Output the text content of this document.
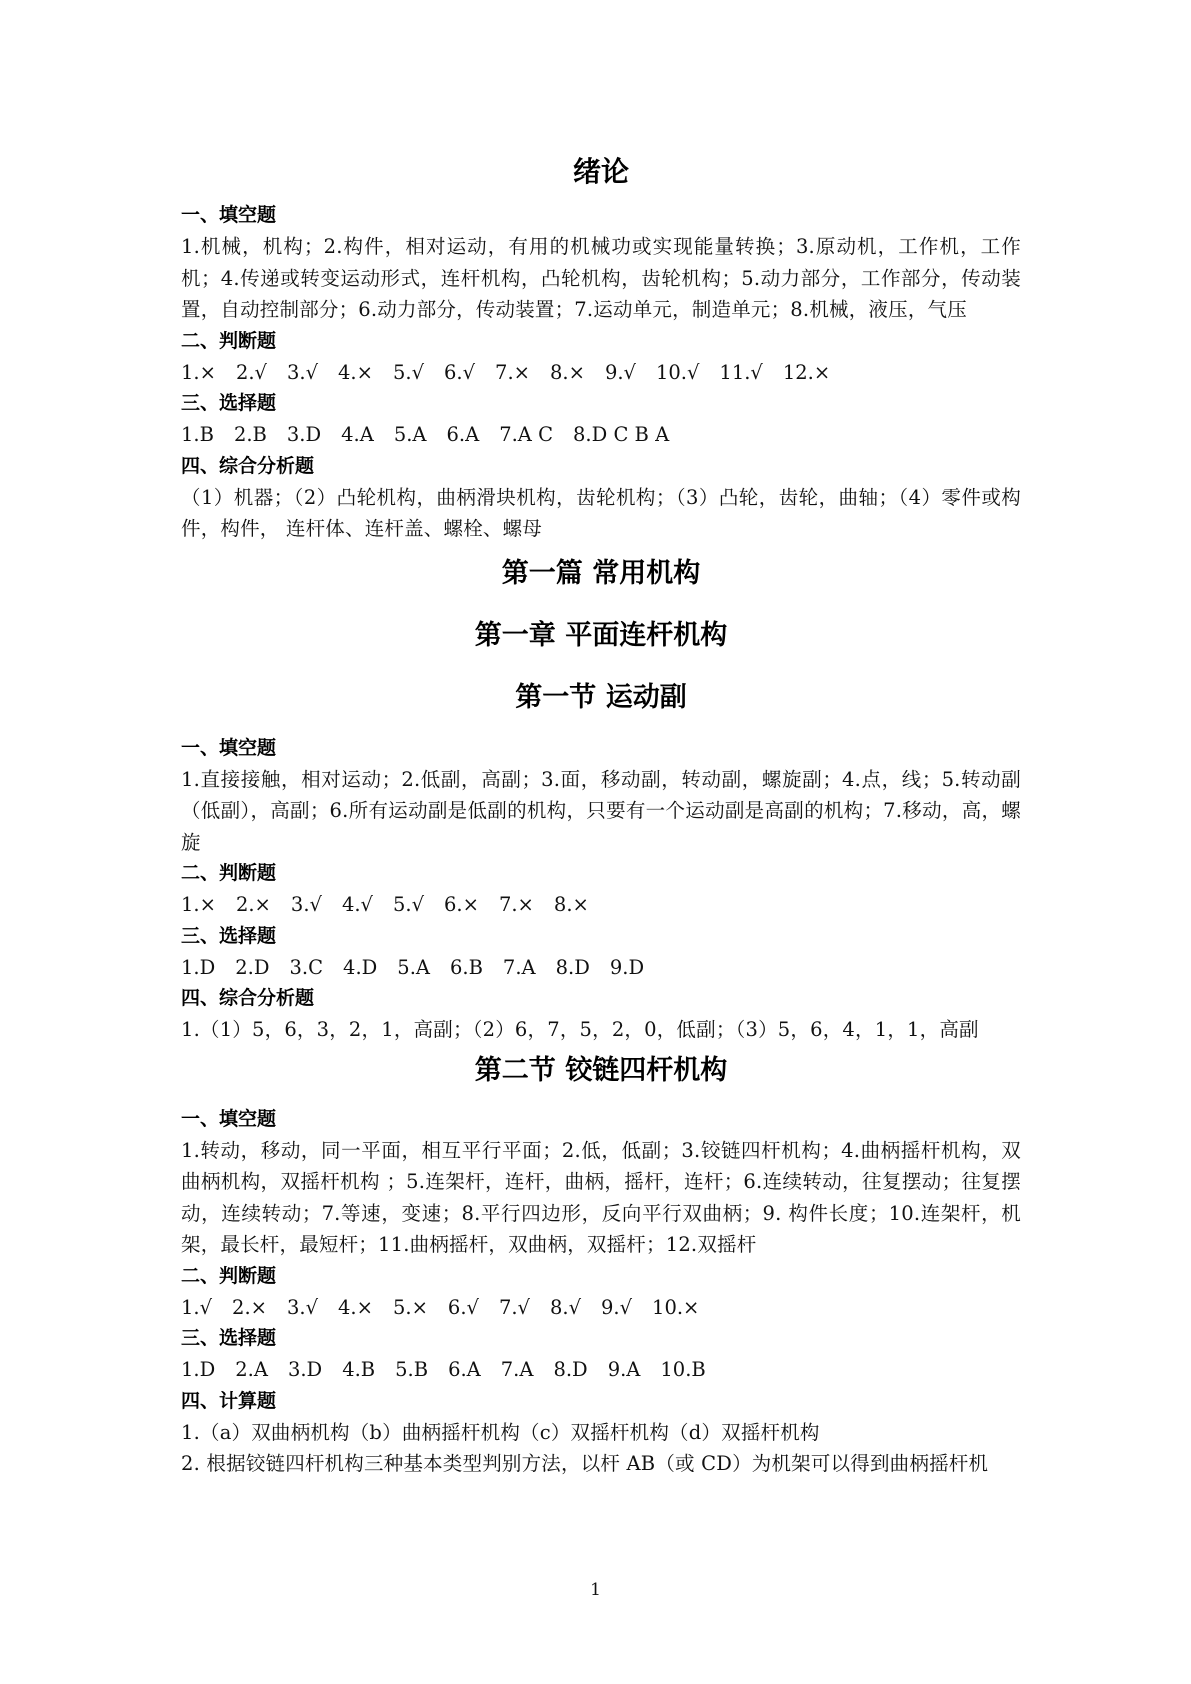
绪论
一、填空题
1.机械，机构；2.构件，相对运动，有用的机械功或实现能量转换；3.原动机，工作机，工作机；4.传递或转变运动形式，连杆机构，凸轮机构，齿轮机构；5.动力部分，工作部分，传动装置，自动控制部分；6.动力部分，传动装置；7.运动单元，制造单元；8.机械，液压，气压
二、判断题
1.× 2.√ 3.√ 4.× 5.√ 6.√ 7.× 8.× 9.√ 10.√ 11.√ 12.×
三、选择题
1.B 2.B 3.D 4.A 5.A 6.A 7.A C 8.D C B A
四、综合分析题
（1）机器；（2）凸轮机构，曲柄滑块机构，齿轮机构；（3）凸轮，齿轮，曲轴；（4）零件或构件，构件， 连杆体、连杆盖、螺栓、螺母
第一篇 常用机构
第一章 平面连杆机构
第一节 运动副
一、填空题
1.直接接触，相对运动；2.低副，高副；3.面，移动副，转动副，螺旋副；4.点，线；5.转动副（低副），高副；6.所有运动副是低副的机构，只要有一个运动副是高副的机构；7.移动，高，螺旋
二、判断题
1.× 2.× 3.√ 4.√ 5.√ 6.× 7.× 8.×
三、选择题
1.D 2.D 3.C 4.D 5.A 6.B 7.A 8.D 9.D
四、综合分析题
1.（1）5，6，3，2，1，高副；（2）6，7，5，2，0，低副；（3）5，6，4，1，1，高副
第二节 铰链四杆机构
一、填空题
1.转动，移动，同一平面，相互平行平面；2.低，低副；3.铰链四杆机构；4.曲柄摇杆机构，双曲柄机构，双摇杆机构 ；5.连架杆，连杆，曲柄，摇杆，连杆；6.连续转动，往复摆动；往复摆动，连续转动；7.等速，变速；8.平行四边形，反向平行双曲柄；9. 构件长度；10.连架杆，机架，最长杆，最短杆；11.曲柄摇杆，双曲柄，双摇杆；12.双摇杆
二、判断题
1.√ 2.× 3.√ 4.× 5.× 6.√ 7.√ 8.√ 9.√ 10.×
三、选择题
1.D 2.A 3.D 4.B 5.B 6.A 7.A 8.D 9.A 10.B
四、计算题
1.（a）双曲柄机构（b）曲柄摇杆机构（c）双摇杆机构（d）双摇杆机构
2. 根据铰链四杆机构三种基本类型判别方法，以杆 AB（或 CD）为机架可以得到曲柄摇杆机
1
